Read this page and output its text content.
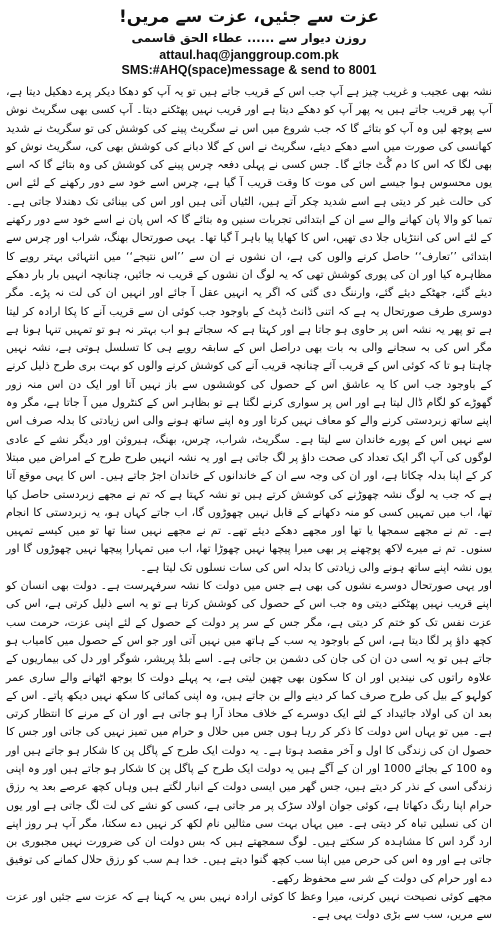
عزت سے جئیں، عزت سے مریں!
روزن دیوار سے ...... عطاء الحق قاسمی
attaul.haq@janggroup.com.pk
SMS:#AHQ(space)message & send to 8001

نشہ بھی عجیب و غریب چیز ہے آپ جب اس کے قریب جاتے ہیں تو یہ آپ کو دھکا دیکر پرے دھکیل دیتا ہے، آپ پھر قریب جاتے ہیں یہ پھر آپ کو دھکے دیتا ہے اور قریب نہیں پھٹکنے دیتا۔ آپ کسی بھی سگریٹ نوش سے پوچھ لیں وہ آپ کو بتائے گا کہ جب شروع میں اس نے سگریٹ پینے کی کوشش کی تو سگریٹ نے شدید کھانسی کی صورت میں اسے دھکے دیئے، سگریٹ نے اس کے گلا دبانے کی کوشش بھی کی، سگریٹ نوش کو بھی لگا کہ اس کا دم گُٹ جائے گا۔ جس کسی نے پہلی دفعہ چرس پینے کی کوشش کی وہ بتائے گا کہ اسے یوں محسوس ہوا جیسے اس کی موت کا وقت قریب آ گیا ہے، چرس اسے خود سے دور رکھنے کے لئے اس کی حالت غیر کر دیتی ہے اسے شدید چکر آتے ہیں، الٹیاں آتی ہیں اور اس کی بینائی تک دھندلا جاتی ہے۔ تمبا کو والا پان کھانے والے سے ان کے ابتدائی تجربات سنیں وہ بتائے گا کہ اس پان نے اسے خود سے دور رکھنے کے لئے اس کی انتڑیاں جلا دی تھیں، اس کا کھایا پیا باہر آ گیا تھا۔ یہی صورتحال بھنگ، شراب اور چرس سے ابتدائی ’’تعارف‘‘ حاصل کرنے والوں کی ہے، ان نشوں نے ان سے ’’اس نتیجے‘‘ میں انتہائی بہتر رویے کا مظاہرہ کیا اور ان کی پوری کوشش تھی کہ یہ لوگ ان نشوں کے قریب نہ جائیں، چنانچہ انہیں بار بار دھکے دیئے گئے، جھٹکے دیئے گئے، وارننگ دی گئی کہ اگر یہ انہیں عقل آ جائے اور انہیں ان کی لت نہ پڑے۔ مگر دوسری طرف صورتحال یہ ہے کہ اتنی ڈانٹ ڈپٹ کے باوجود جب کوئی ان سے قریب آنے کا پکا ارادہ کر لیتا ہے تو پھر یہ نشہ اس پر حاوی ہو جاتا ہے اور کہتا ہے کہ سجاتے ہو اب بہتر نہ ہو تو تمہیں تنہا ہونا ہے مگر اس کی بہ سجانے والی بہ بات بھی دراصل اس کے سابقہ رویے ہی کا تسلسل ہوتی ہے، نشہ نہیں چاہتا ہو تا کہ کوئی اس کے قریب آئے چنانچہ قریب آنے کی کوشش کرنے والوں کو بہت بری طرح ذلیل کرنے کے باوجود جب اس کا یہ عاشق اس کے حصول کی کوششوں سے باز نہیں آتا اور ایک دن اس منہ زور گھوڑے کو لگام ڈال لیتا ہے اور اس پر سواری کرنے لگتا ہے تو بظاہر اس کے کنٹرول میں آ جاتا ہے، مگر وہ اپنے ساتھ زبردستی کرنے والے کو معاف نہیں کرتا اور وہ اپنے ساتھ ہونے والی اس زیادتی کا بدلہ صرف اس سے نہیں اس کے پورے خاندان سے لیتا ہے۔ سگریٹ، شراب، چرس، بھنگ، ہیروئن اور دیگر نشے کے عادی لوگوں کی آپ اگر ایک تعداد کی صحت داؤ پر لگ جاتی ہے اور یہ نشہ انہیں طرح طرح کے امراض میں مبتلا کر کے اپنا بدلہ چکاتا ہے، اور ان کی وجہ سے ان کے خاندانوں کے خاندان اجڑ جاتے ہیں۔ اس کا یہی موقع آتا ہے کہ جب یہ لوگ نشہ چھوڑنے کی کوشش کرتے ہیں تو نشہ کہتا ہے کہ تم نے مجھے زبردستی حاصل کیا تھا، اب میں تمہیں کسی کو منہ دکھانے کے قابل نہیں چھوڑوں گا، اب جاتے کہاں ہو، یہ زبردستی کا انجام ہے۔ تم نے مجھے سمجھا یا تھا اور مجھے دھکے دیئے تھے۔ تم نے مجھے نہیں سنا تھا تو میں کیسے تمہیں سنوں۔ تم نے میرے لاکھ پوچھنے پر بھی میرا پیچھا نہیں چھوڑا تھا، اب میں تمہارا پیچھا نہیں چھوڑوں گا اور یوں نشہ اپنے ساتھ ہونے والی زیادتی کا بدلہ اس کی سات نسلوں تک لیتا ہے۔

اور یہی صورتحال دوسرے نشوں کی بھی ہے جس میں دولت کا نشہ سرفہرست ہے۔ دولت بھی انسان کو اپنے قریب نہیں پھٹکنے دیتی وہ جب اس کے حصول کی کوشش کرتا ہے تو یہ اسے ذلیل کرتی ہے، اس کی عزت نفس تک کو ختم کر دیتی ہے، مگر جس کے سر پر دولت کے حصول کے لئے اپنی عزت، حرمت سب کچھ داؤ پر لگا دیتا ہے، اس کے باوجود یہ سب کے ہاتھ میں نہیں آتی اور جو اس کے حصول میں کامیاب ہو جاتے ہیں تو یہ اسی دن ان کی جان کی دشمن بن جاتی ہے۔ اسے بلڈ پریشر، شوگر اور دل کی بیماریوں کے علاوہ راتوں کی نیندیں اور ان کا سکون بھی چھین لیتی ہے، یہ پہلے دولت کا بوجھ اٹھانے والے ساری عمر کولہو کے بیل کی طرح صرف کما کر دینے والے بن جاتے ہیں، وہ اپنی کمائی کا سکھ نہیں دیکھ پاتے۔ اس کے بعد ان کی اولاد جائیداد کے لئے ایک دوسرے کے خلاف محاذ آرا ہو جاتی ہے اور ان کے مرنے کا انتظار کرتی ہے۔ میں تو یہاں اس دولت کا ذکر کر رہا ہوں جس میں حلال و حرام میں تمیز نہیں کی جاتی اور جس کا حصول ان کی زندگی کا اول و آخر مقصد ہوتا ہے۔ یہ دولت ایک طرح کے پاگل پن کا شکار ہو جاتے ہیں اور وہ 100 کے بجائے 1000 اور ان کے آگے ہیں یہ دولت ایک طرح کے پاگل پن کا شکار ہو جاتے ہیں اور وہ اپنی زندگی اسی کے نذر کر دیتے ہیں، جس گھر میں ایسی دولت کے انبار لگتے ہیں وہاں کچھ عرصے بعد یہ رزق حرام اپنا رنگ دکھاتا ہے، کوئی جوان اولاد سڑک پر مر جاتی ہے، کسی کو نشے کی لت لگ جاتی ہے اور یوں ان کی نسلیں تباہ کر دیتی ہے۔ میں یہاں بہت سی مثالیں نام لکھ کر نہیں دے سکتا، مگر آپ ہر روز اپنے ارد گرد اس کا مشاہدہ کر سکتے ہیں۔ لوگ سمجھتے ہیں کہ بس دولت ان کی ضرورت نہیں مجبوری بن جاتی ہے اور وہ اس کی حرص میں اپنا سب کچھ گنوا دیتے ہیں۔ خدا ہم سب کو رزق حلال کمانے کی توفیق دے اور حرام کی دولت کے شر سے محفوظ رکھے۔

مجھے کوئی نصیحت نہیں کرنی، میرا وعظ کا کوئی ارادہ نہیں بس یہ کہنا ہے کہ عزت سے جئیں اور عزت سے مریں، سب سے بڑی دولت یہی ہے۔
